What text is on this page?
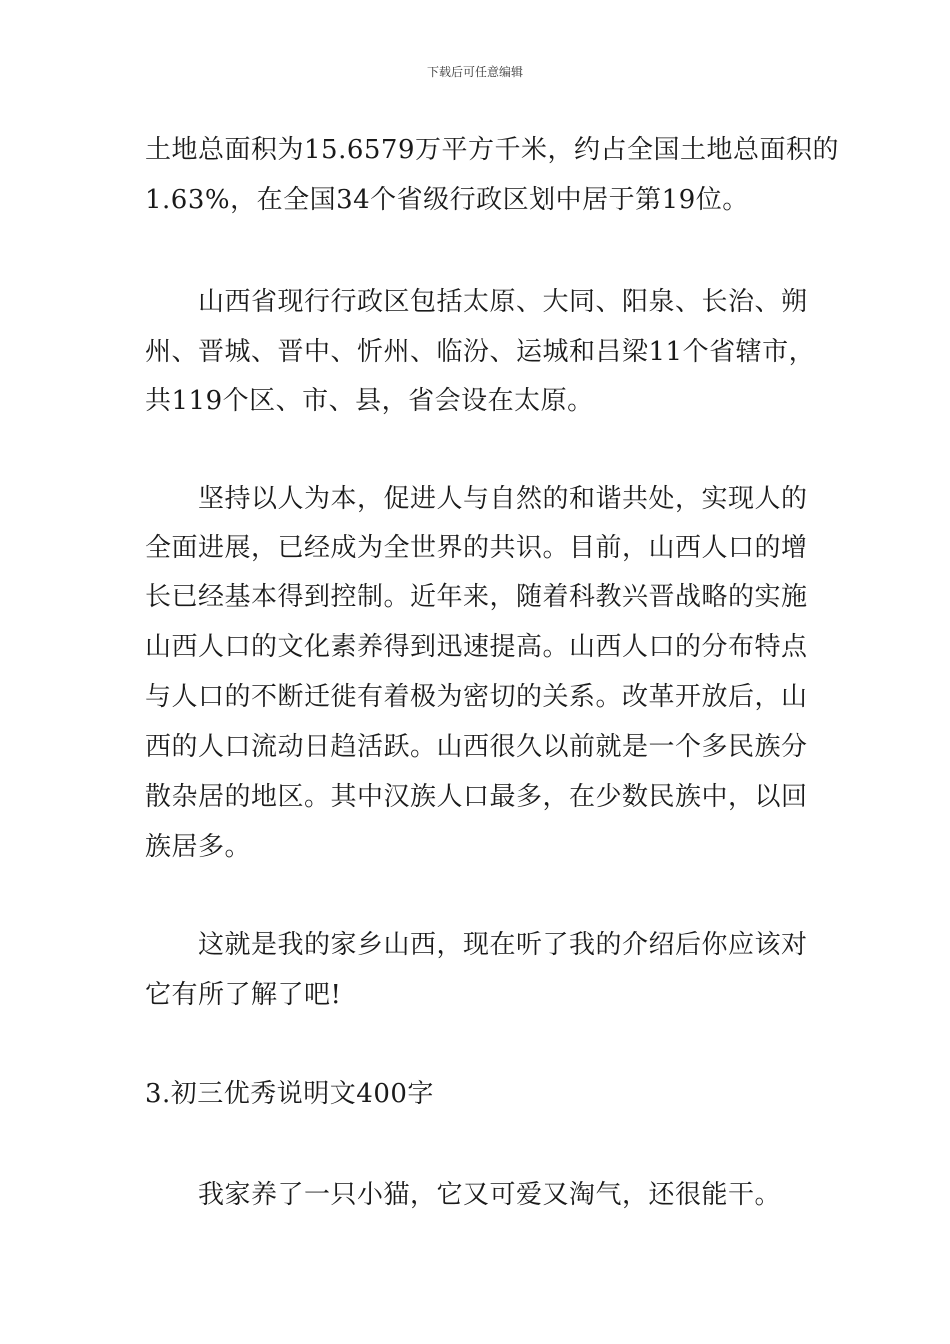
下载后可任意编辑
土地总面积为15.6579万平方千米，约占全国土地总面积的
1.63%，在全国34个省级行政区划中居于第19位。
山西省现行行政区包括太原、大同、阳泉、长治、朔
州、晋城、晋中、忻州、临汾、运城和吕梁11个省辖市，
共119个区、市、县，省会设在太原。
坚持以人为本，促进人与自然的和谐共处，实现人的
全面进展，已经成为全世界的共识。目前，山西人口的增
长已经基本得到控制。近年来，随着科教兴晋战略的实施
山西人口的文化素养得到迅速提高。山西人口的分布特点
与人口的不断迁徙有着极为密切的关系。改革开放后，山
西的人口流动日趋活跃。山西很久以前就是一个多民族分
散杂居的地区。其中汉族人口最多，在少数民族中，以回
族居多。
这就是我的家乡山西，现在听了我的介绍后你应该对
它有所了解了吧!
3.初三优秀说明文400字
我家养了一只小猫，它又可爱又淘气，还很能干。
